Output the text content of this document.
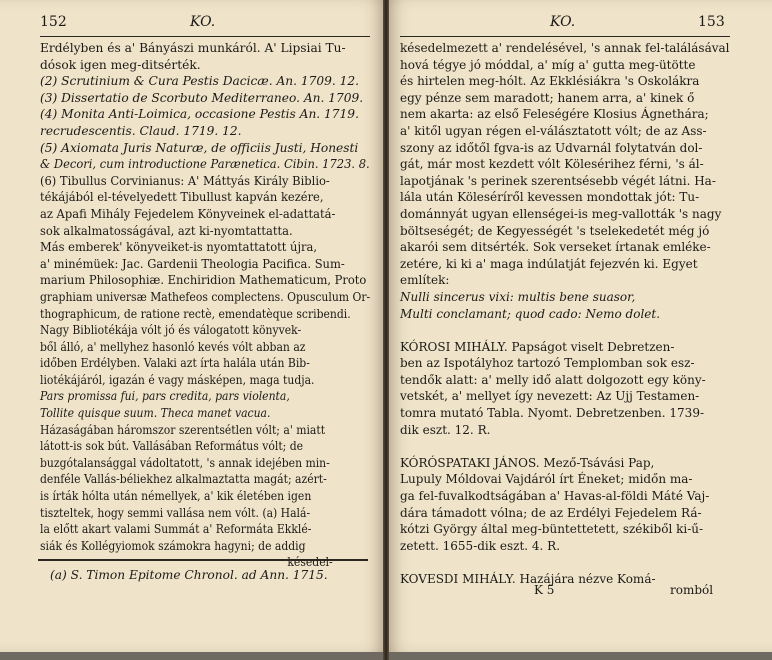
152	KO.
Erdélyben és a' Bányászi munkáról. A' Lipsiai Tu-
dósok igen meg-ditsérték.
(2) Scrutinium & Cura Pestis Dacicæ. An. 1709. 12.
(3) Dissertatio de Scorbuto Mediterraneo. An. 1709.
(4) Monita Anti-Loimica, occasione Pestis An. 1719.
recrudescentis. Claud. 1719. 12.
(5) Axiomata Juris Naturæ, de officiis Justi, Honesti
& Decori, cum introductione Parænetica. Cibin. 1723. 8.
(6) Tibullus Corvinianus: A' Máttyás Király Biblio-
tékájából el-tévelyedett Tibullust kapván kezére,
az Apafi Mihály Fejedelem Könyveinek el-adattatá-
sok alkalmatosságával, azt ki-nyomtattatta.
Más emberek' könyveiket-is nyomtattatott újra,
a' minémüek: Jac. Gardenii Theologia Pacifica. Sum-
marium Philosophiæ. Enchiridion Mathematicum, Proto
graphiam universæ Mathefeos complectens. Opusculum Or-
thographicum, de ratione rectè, emendatèque scribendi.
Nagy Bibliotékája vólt jó és válogatott könyvek-
ből álló, a' mellyhez hasonló kevés vólt abban az
időben Erdélyben. Valaki azt írta halála után Bib-
liotékájáról, igazán é vagy másképen, maga tudja.
Pars promissa fui, pars credita, pars violenta,
Tollite quisque suum. Theca manet vacua.
Házaságában háromszor szerentsétlen vólt; a' miatt
látott-is sok bút. Vallásában Református vólt; de
buzgótalansággal vádoltatott, 's annak idejében min-
denféle Vallás-béliekhez alkalmaztatta magát; azért-
is írták hólta után némellyek, a' kik életében igen
tiszteltek, hogy semmi vallása nem vólt. (a) Halá-
la előtt akart valami Summát a' Reformáta Ekklé-
siák és Kollégyiomok számokra hagyni; de addig
késedel-
(a) S. Timon Epitome Chronol. ad Ann. 1715.
KO.	153
késedelmezett a' rendelésével, 's annak fel-találásával
hová tégye jó móddal, a' míg a' gutta meg-ütötte
és hirtelen meg-hólt. Az Ekklésiákra 's Oskolákra
egy pénze sem maradott; hanem arra, a' kinek ő
nem akarta: az első Feleségére Klosius Ágnethára;
a' kitől ugyan régen el-válásztatott vólt; de az Ass-
szony az időtől fgva-is az Udvarnál folytatván dol-
gát, már most kezdett vólt Kölesérihez férni, 's ál-
lapotjának 's perinek szerentsésebb végét látni. Ha-
lála után Köleséríről kevessen mondottak jót: Tu-
dománnyát ugyan ellenségei-is meg-vallották 's nagy
böltseségét; de Kegyességét 's tselekedetét még jó
akarói sem ditsérték. Sok verseket írtanak emléke-
zetére, ki ki a' maga indúlatját fejezvén ki. Egyet
említek:
Nulli sincerus vixi: multis bene suasor,
Multi conclamant; quod cado: Nemo dolet.
KÓROSI MIHÁLY. Papságot viselt Debretzen-
ben az Ispotályhoz tartozó Templomban sok esz-
tendők alatt: a' melly idő alatt dolgozott egy köny-
vetskét, a' mellyet így nevezett: Az Ujj Testamen-
tomra mutató Tabla. Nyomt. Debretzenben. 1739-
dik eszt. 12. R.
KÓRÓSPATAKI JÁNOS. Mező-Tsávási Pap,
Lupuly Móldovai Vajdáról írt Éneket; midőn ma-
ga fel-fuvalkodtságában a' Havas-al-földi Máté Vaj-
dára támadott vólna; de az Erdélyi Fejedelem Rá-
kótzi György által meg-büntettetett, székiből ki-ű-
zetett. 1655-dik eszt. 4. R.
KOVESDI MIHÁLY. Hazájára nézve Komá-
K 5	romból
